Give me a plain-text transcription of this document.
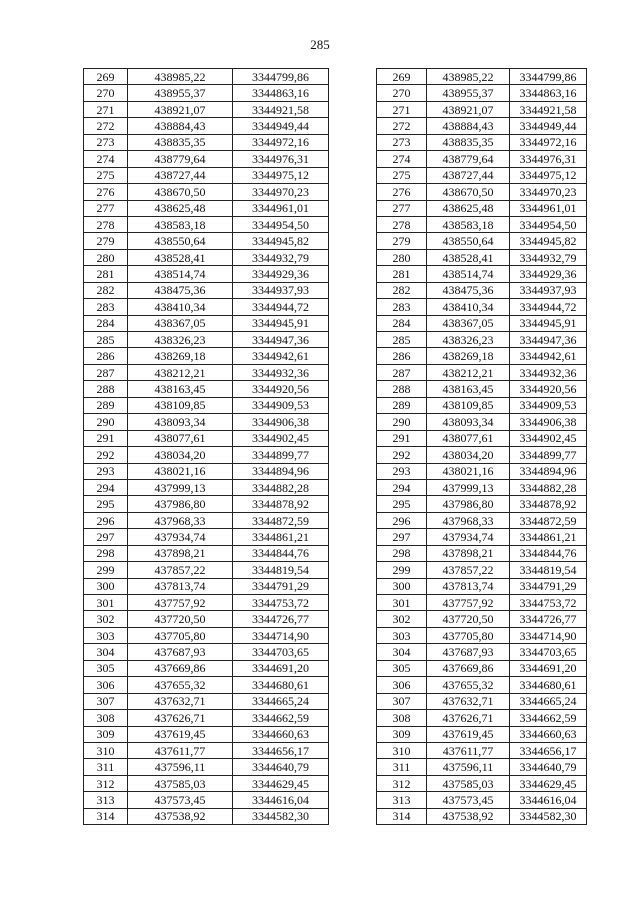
285
269	438985,22	3344799,86
270	438955,37	3344863,16
271	438921,07	3344921,58
272	438884,43	3344949,44
273	438835,35	3344972,16
274	438779,64	3344976,31
275	438727,44	3344975,12
276	438670,50	3344970,23
277	438625,48	3344961,01
278	438583,18	3344954,50
279	438550,64	3344945,82
280	438528,41	3344932,79
281	438514,74	3344929,36
282	438475,36	3344937,93
283	438410,34	3344944,72
284	438367,05	3344945,91
285	438326,23	3344947,36
286	438269,18	3344942,61
287	438212,21	3344932,36
288	438163,45	3344920,56
289	438109,85	3344909,53
290	438093,34	3344906,38
291	438077,61	3344902,45
292	438034,20	3344899,77
293	438021,16	3344894,96
294	437999,13	3344882,28
295	437986,80	3344878,92
296	437968,33	3344872,59
297	437934,74	3344861,21
298	437898,21	3344844,76
299	437857,22	3344819,54
300	437813,74	3344791,29
301	437757,92	3344753,72
302	437720,50	3344726,77
303	437705,80	3344714,90
304	437687,93	3344703,65
305	437669,86	3344691,20
306	437655,32	3344680,61
307	437632,71	3344665,24
308	437626,71	3344662,59
309	437619,45	3344660,63
310	437611,77	3344656,17
311	437596,11	3344640,79
312	437585,03	3344629,45
313	437573,45	3344616,04
314	437538,92	3344582,30
269	438985,22	3344799,86
270	438955,37	3344863,16
271	438921,07	3344921,58
272	438884,43	3344949,44
273	438835,35	3344972,16
274	438779,64	3344976,31
275	438727,44	3344975,12
276	438670,50	3344970,23
277	438625,48	3344961,01
278	438583,18	3344954,50
279	438550,64	3344945,82
280	438528,41	3344932,79
281	438514,74	3344929,36
282	438475,36	3344937,93
283	438410,34	3344944,72
284	438367,05	3344945,91
285	438326,23	3344947,36
286	438269,18	3344942,61
287	438212,21	3344932,36
288	438163,45	3344920,56
289	438109,85	3344909,53
290	438093,34	3344906,38
291	438077,61	3344902,45
292	438034,20	3344899,77
293	438021,16	3344894,96
294	437999,13	3344882,28
295	437986,80	3344878,92
296	437968,33	3344872,59
297	437934,74	3344861,21
298	437898,21	3344844,76
299	437857,22	3344819,54
300	437813,74	3344791,29
301	437757,92	3344753,72
302	437720,50	3344726,77
303	437705,80	3344714,90
304	437687,93	3344703,65
305	437669,86	3344691,20
306	437655,32	3344680,61
307	437632,71	3344665,24
308	437626,71	3344662,59
309	437619,45	3344660,63
310	437611,77	3344656,17
311	437596,11	3344640,79
312	437585,03	3344629,45
313	437573,45	3344616,04
314	437538,92	3344582,30
